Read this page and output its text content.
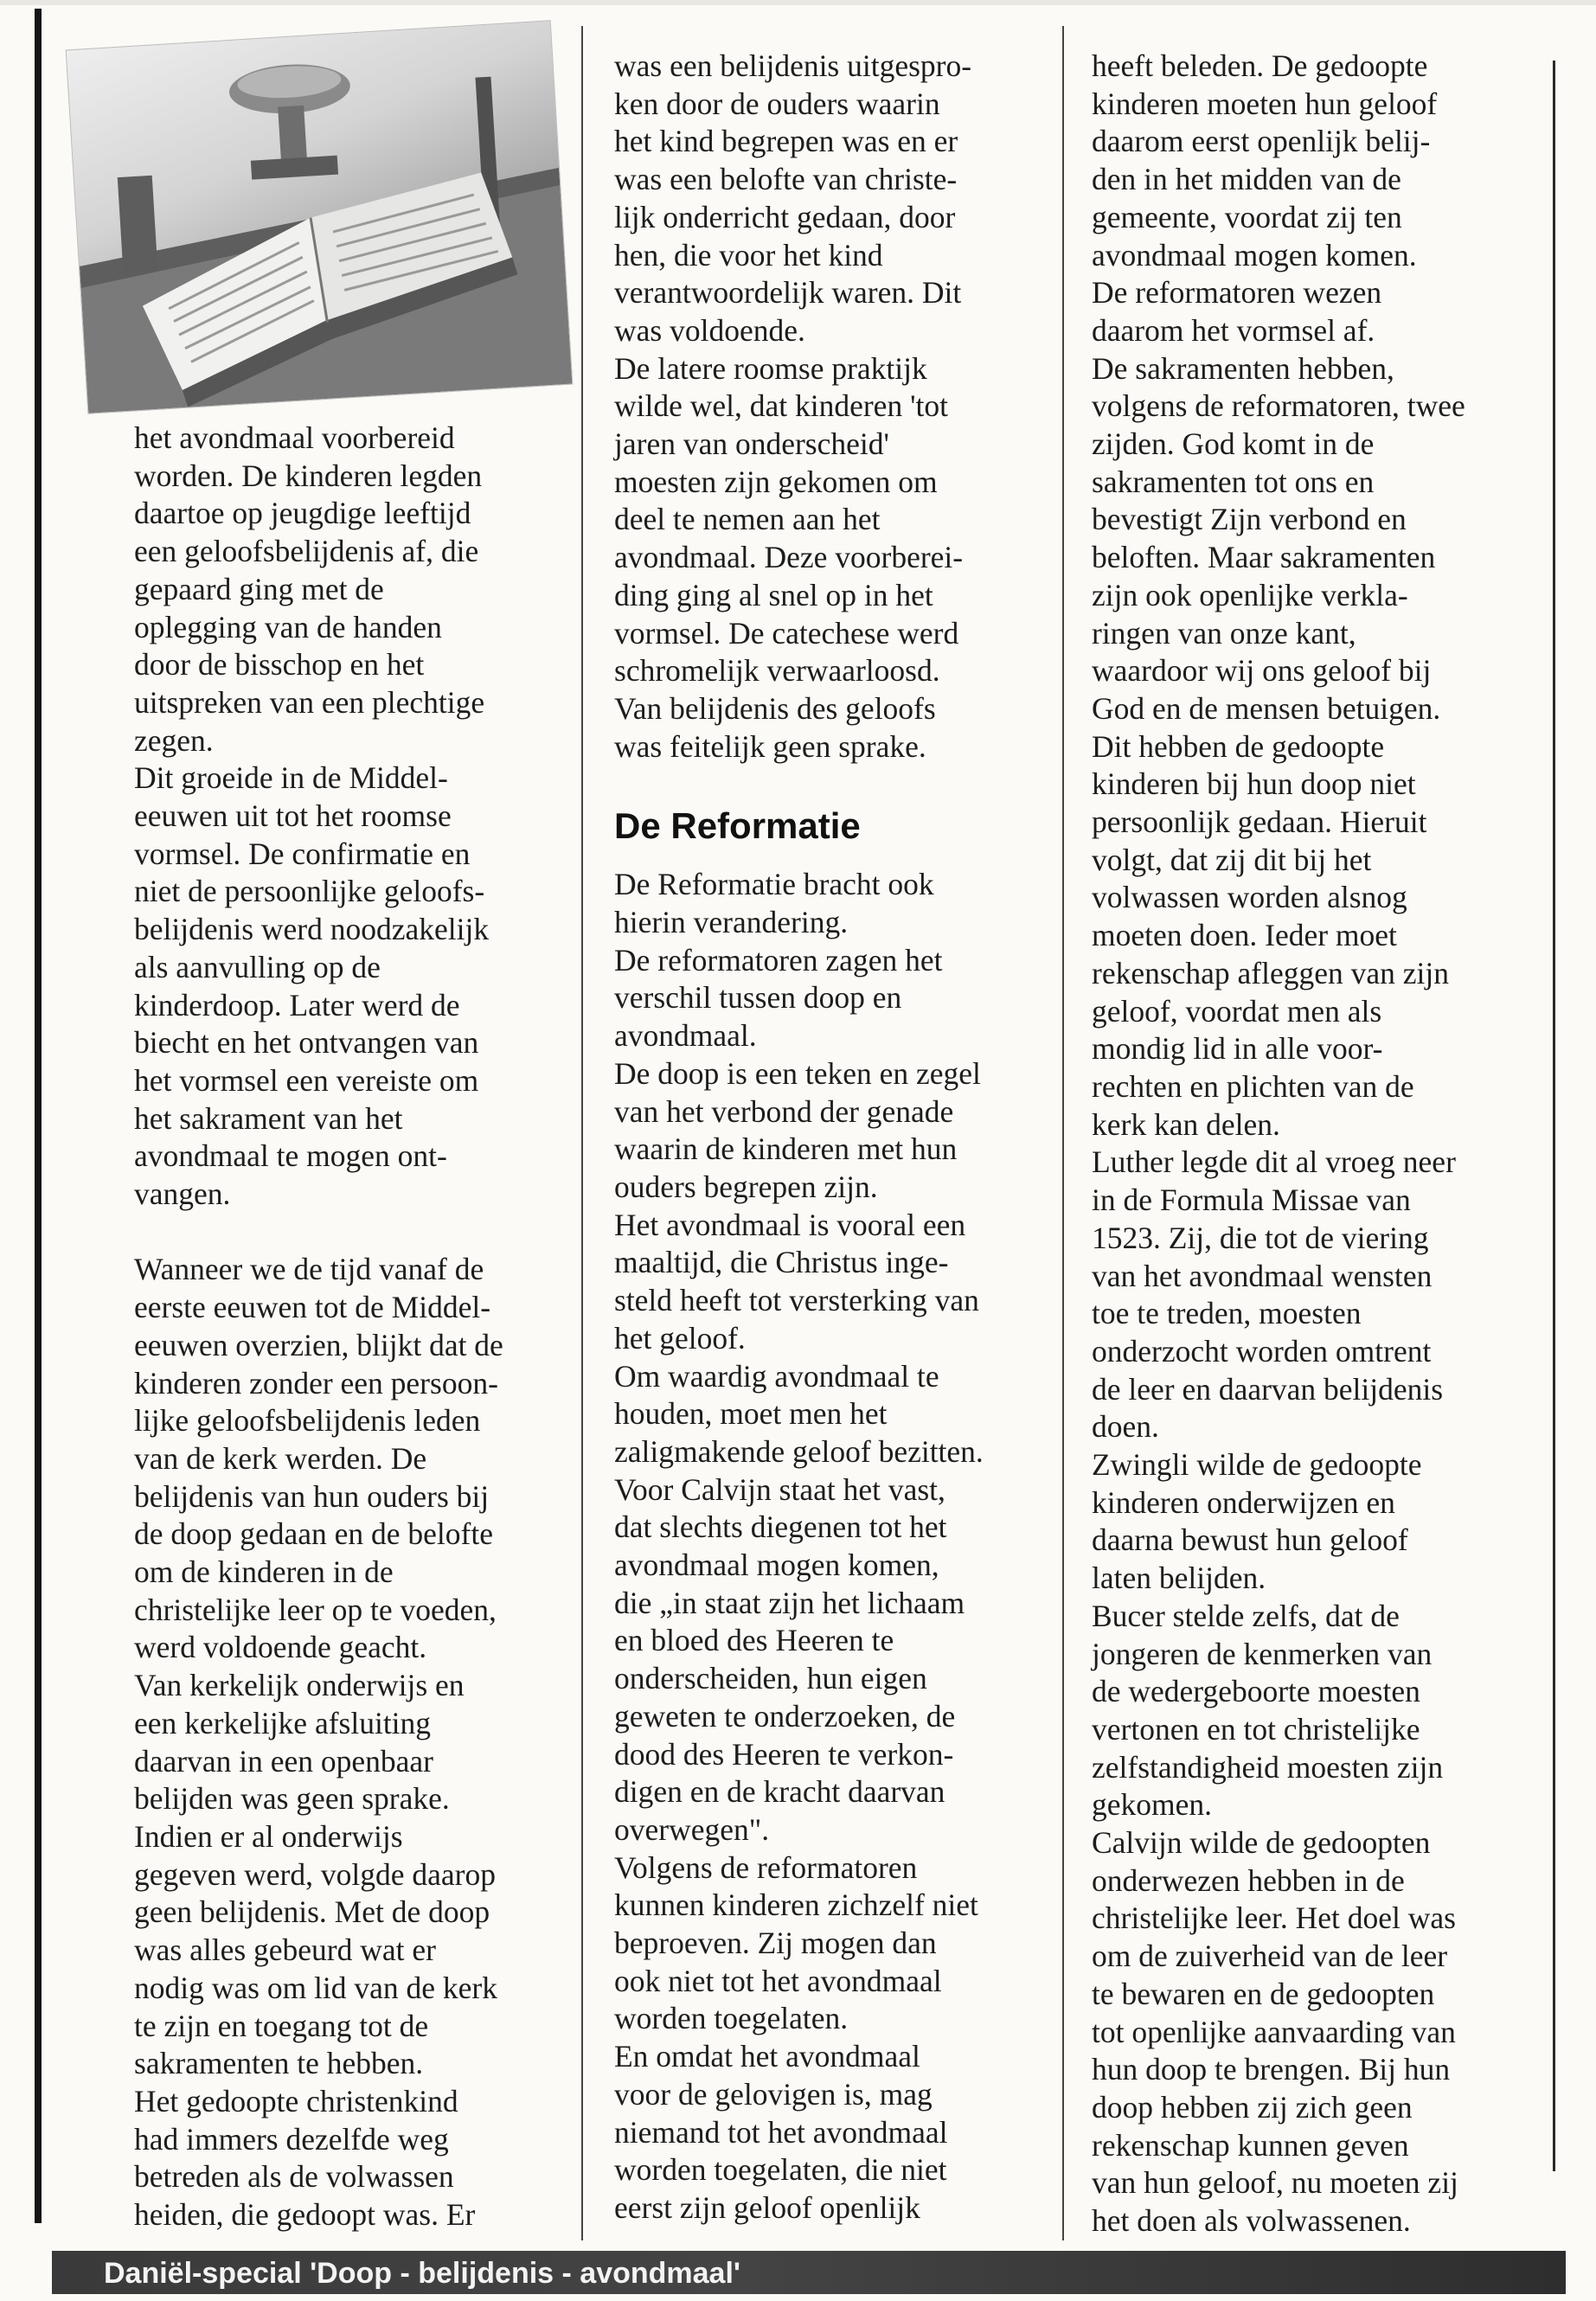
het avondmaal voorbereid

worden. De kinderen legden

daartoe op jeugdige leeftijd

een geloofsbelijdenis af, die

gepaard ging met de

oplegging van de handen

door de bisschop en het

uitspreken van een plechtige

zegen.

Dit groeide in de Middel-

eeuwen uit tot het roomse

vormsel. De confirmatie en

niet de persoonlijke geloofs-

belijdenis werd noodzakelijk

als aanvulling op de

kinderdoop. Later werd de

biecht en het ontvangen van

het vormsel een vereiste om

het sakrament van het

avondmaal te mogen ont-

vangen.

Wanneer we de tijd vanaf de

eerste eeuwen tot de Middel-

eeuwen overzien, blijkt dat de

kinderen zonder een persoon-

lijke geloofsbelijdenis leden

van de kerk werden. De

belijdenis van hun ouders bij

de doop gedaan en de belofte

om de kinderen in de

christelijke leer op te voeden,

werd voldoende geacht.

Van kerkelijk onderwijs en

een kerkelijke afsluiting

daarvan in een openbaar

belijden was geen sprake.

Indien er al onderwijs

gegeven werd, volgde daarop

geen belijdenis. Met de doop

was alles gebeurd wat er

nodig was om lid van de kerk

te zijn en toegang tot de

sakramenten te hebben.

Het gedoopte christenkind

had immers dezelfde weg

betreden als de volwassen

heiden, die gedoopt was. Er

was een belijdenis uitgespro-

ken door de ouders waarin

het kind begrepen was en er

was een belofte van christe-

lijk onderricht gedaan, door

hen, die voor het kind

verantwoordelijk waren. Dit

was voldoende.

De latere roomse praktijk

wilde wel, dat kinderen 'tot

jaren van onderscheid'

moesten zijn gekomen om

deel te nemen aan het

avondmaal. Deze voorberei-

ding ging al snel op in het

vormsel. De catechese werd

schromelijk verwaarloosd.

Van belijdenis des geloofs

was feitelijk geen sprake.

De Reformatie

De Reformatie bracht ook

hierin verandering.

De reformatoren zagen het

verschil tussen doop en

avondmaal.

De doop is een teken en zegel

van het verbond der genade

waarin de kinderen met hun

ouders begrepen zijn.

Het avondmaal is vooral een

maaltijd, die Christus inge-

steld heeft tot versterking van

het geloof.

Om waardig avondmaal te

houden, moet men het

zaligmakende geloof bezitten.

Voor Calvijn staat het vast,

dat slechts diegenen tot het

avondmaal mogen komen,

die „in staat zijn het lichaam

en bloed des Heeren te

onderscheiden, hun eigen

geweten te onderzoeken, de

dood des Heeren te verkon-

digen en de kracht daarvan

overwegen".

Volgens de reformatoren

kunnen kinderen zichzelf niet

beproeven. Zij mogen dan

ook niet tot het avondmaal

worden toegelaten.

En omdat het avondmaal

voor de gelovigen is, mag

niemand tot het avondmaal

worden toegelaten, die niet

eerst zijn geloof openlijk

heeft beleden. De gedoopte

kinderen moeten hun geloof

daarom eerst openlijk belij-

den in het midden van de

gemeente, voordat zij ten

avondmaal mogen komen.

De reformatoren wezen

daarom het vormsel af.

De sakramenten hebben,

volgens de reformatoren, twee

zijden. God komt in de

sakramenten tot ons en

bevestigt Zijn verbond en

beloften. Maar sakramenten

zijn ook openlijke verkla-

ringen van onze kant,

waardoor wij ons geloof bij

God en de mensen betuigen.

Dit hebben de gedoopte

kinderen bij hun doop niet

persoonlijk gedaan. Hieruit

volgt, dat zij dit bij het

volwassen worden alsnog

moeten doen. Ieder moet

rekenschap afleggen van zijn

geloof, voordat men als

mondig lid in alle voor-

rechten en plichten van de

kerk kan delen.

Luther legde dit al vroeg neer

in de Formula Missae van

1523. Zij, die tot de viering

van het avondmaal wensten

toe te treden, moesten

onderzocht worden omtrent

de leer en daarvan belijdenis

doen.

Zwingli wilde de gedoopte

kinderen onderwijzen en

daarna bewust hun geloof

laten belijden.

Bucer stelde zelfs, dat de

jongeren de kenmerken van

de wedergeboorte moesten

vertonen en tot christelijke

zelfstandigheid moesten zijn

gekomen.

Calvijn wilde de gedoopten

onderwezen hebben in de

christelijke leer. Het doel was

om de zuiverheid van de leer

te bewaren en de gedoopten

tot openlijke aanvaarding van

hun doop te brengen. Bij hun

doop hebben zij zich geen

rekenschap kunnen geven

van hun geloof, nu moeten zij

het doen als volwassenen.

Daniël-special 'Doop - belijdenis - avondmaal'
